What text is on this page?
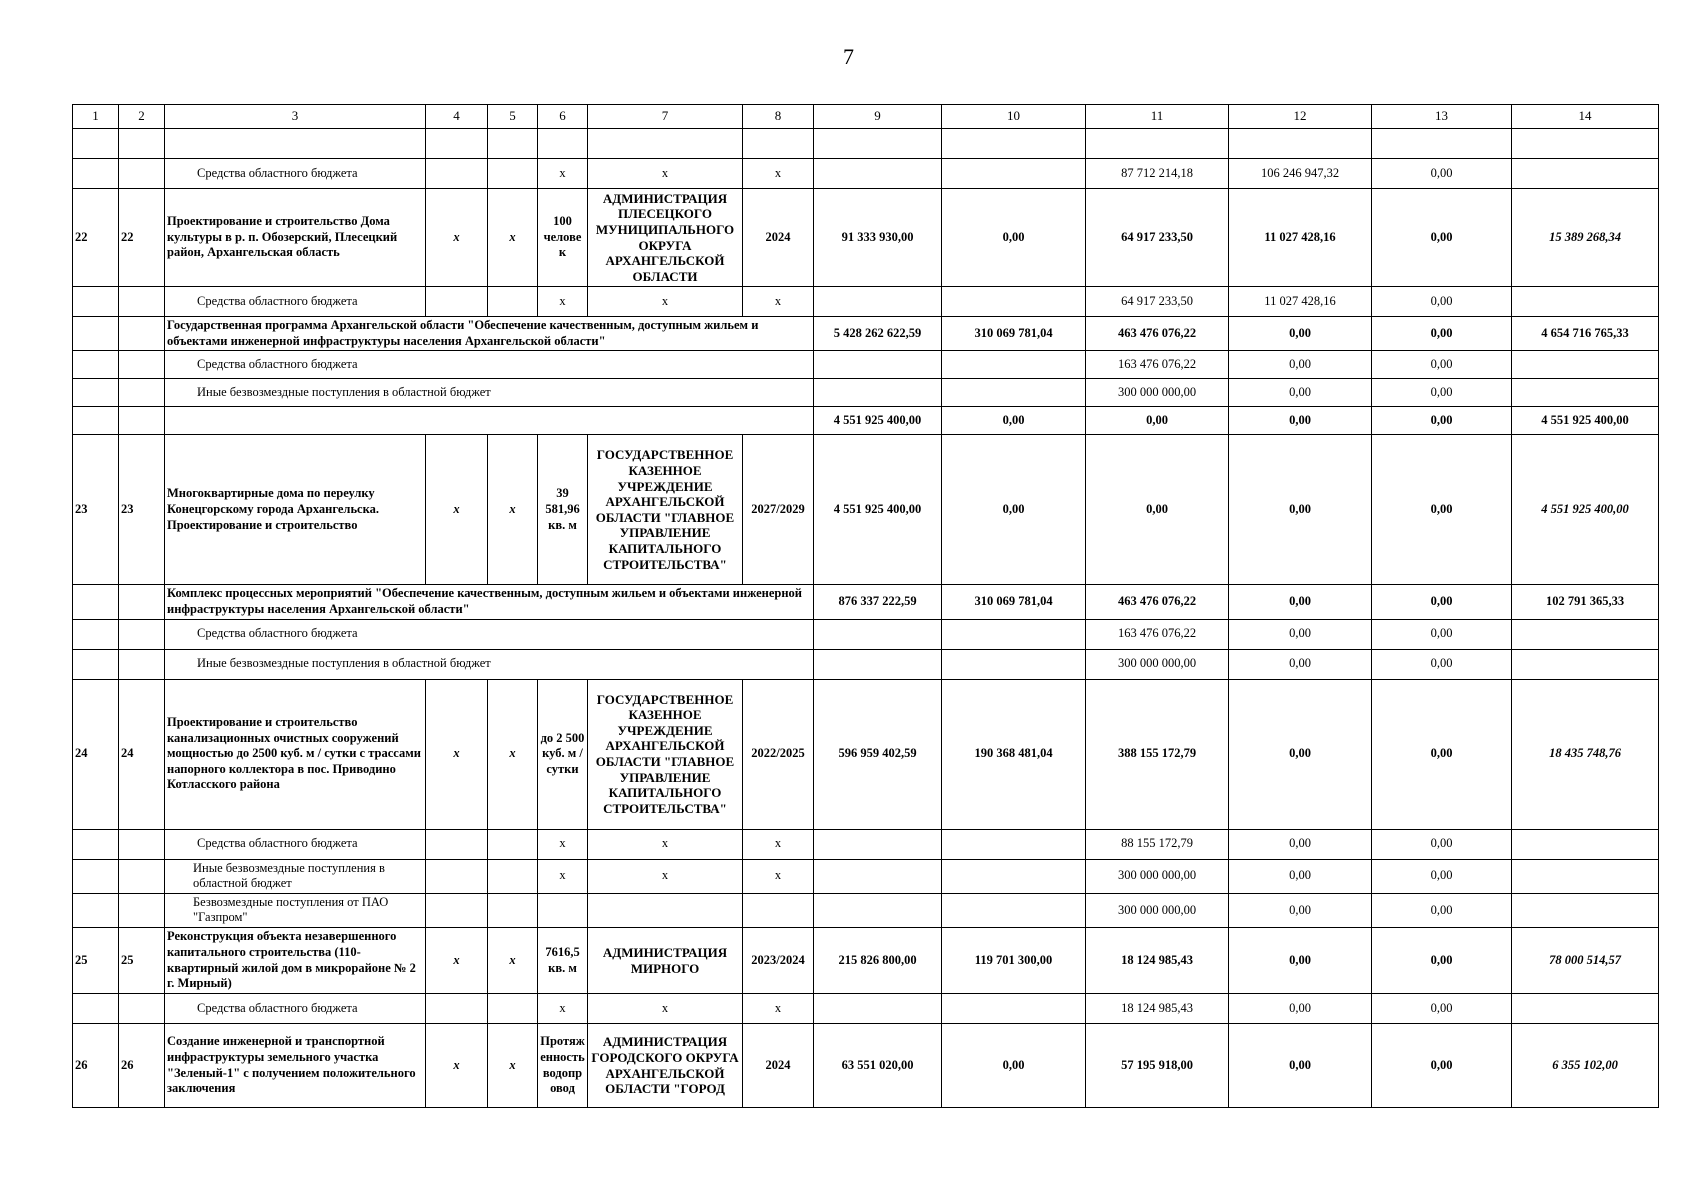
7
1	2	3	4	5	6	7	8	9	10	11	12	13	14

		Средства областного бюджета			х	х	х			87 712 214,18	106 246 947,32	0,00	
22	22	Проектирование и строительство Дома культуры в р. п. Обозерский, Плесецкий район, Архангельская область	х	х	100 человек	АДМИНИСТРАЦИЯ ПЛЕСЕЦКОГО МУНИЦИПАЛЬНОГО ОКРУГА АРХАНГЕЛЬСКОЙ ОБЛАСТИ	2024	91 333 930,00	0,00	64 917 233,50	11 027 428,16	0,00	15 389 268,34
		Средства областного бюджета			х	х	х			64 917 233,50	11 027 428,16	0,00	
		Государственная программа Архангельской области "Обеспечение качественным, доступным жильем и объектами инженерной инфраструктуры населения Архангельской области"						5 428 262 622,59	310 069 781,04	463 476 076,22	0,00	0,00	4 654 716 765,33
		Средства областного бюджета								163 476 076,22	0,00	0,00	
		Иные безвозмездные поступления в областной бюджет								300 000 000,00	0,00	0,00	
								4 551 925 400,00	0,00	0,00	0,00	0,00	4 551 925 400,00
23	23	Многоквартирные дома по переулку Конецгорскому города Архангельска. Проектирование и строительство	х	х	39 581,96 кв. м	ГОСУДАРСТВЕННОЕ КАЗЕННОЕ УЧРЕЖДЕНИЕ АРХАНГЕЛЬСКОЙ ОБЛАСТИ "ГЛАВНОЕ УПРАВЛЕНИЕ КАПИТАЛЬНОГО СТРОИТЕЛЬСТВА"	2027/2029	4 551 925 400,00	0,00	0,00	0,00	0,00	4 551 925 400,00
		Комплекс процессных мероприятий "Обеспечение качественным, доступным жильем и объектами инженерной инфраструктуры населения Архангельской области"						876 337 222,59	310 069 781,04	463 476 076,22	0,00	0,00	102 791 365,33
		Средства областного бюджета								163 476 076,22	0,00	0,00	
		Иные безвозмездные поступления в областной бюджет								300 000 000,00	0,00	0,00	
24	24	Проектирование и строительство канализационных очистных сооружений мощностью до 2500 куб. м / сутки с трассами напорного коллектора в пос. Приводино Котласского района	х	х	до 2 500 куб. м / сутки	ГОСУДАРСТВЕННОЕ КАЗЕННОЕ УЧРЕЖДЕНИЕ АРХАНГЕЛЬСКОЙ ОБЛАСТИ "ГЛАВНОЕ УПРАВЛЕНИЕ КАПИТАЛЬНОГО СТРОИТЕЛЬСТВА"	2022/2025	596 959 402,59	190 368 481,04	388 155 172,79	0,00	0,00	18 435 748,76
		Средства областного бюджета			х	х	х			88 155 172,79	0,00	0,00	
		Иные безвозмездные поступления в областной бюджет			х	х	х			300 000 000,00	0,00	0,00	
		Безвозмездные поступления от ПАО "Газпром"								300 000 000,00	0,00	0,00	
25	25	Реконструкция объекта незавершенного капитального строительства (110-квартирный жилой дом в микрорайоне № 2 г. Мирный)	х	х	7616,5 кв. м	АДМИНИСТРАЦИЯ МИРНОГО	2023/2024	215 826 800,00	119 701 300,00	18 124 985,43	0,00	0,00	78 000 514,57
		Средства областного бюджета			х	х	х			18 124 985,43	0,00	0,00	
26	26	Создание инженерной и транспортной инфраструктуры земельного участка "Зеленый-1" с получением положительного заключения	х	х	Протяженность водопровод	АДМИНИСТРАЦИЯ ГОРОДСКОГО ОКРУГА АРХАНГЕЛЬСКОЙ ОБЛАСТИ "ГОРОД	2024	63 551 020,00	0,00	57 195 918,00	0,00	0,00	6 355 102,00
